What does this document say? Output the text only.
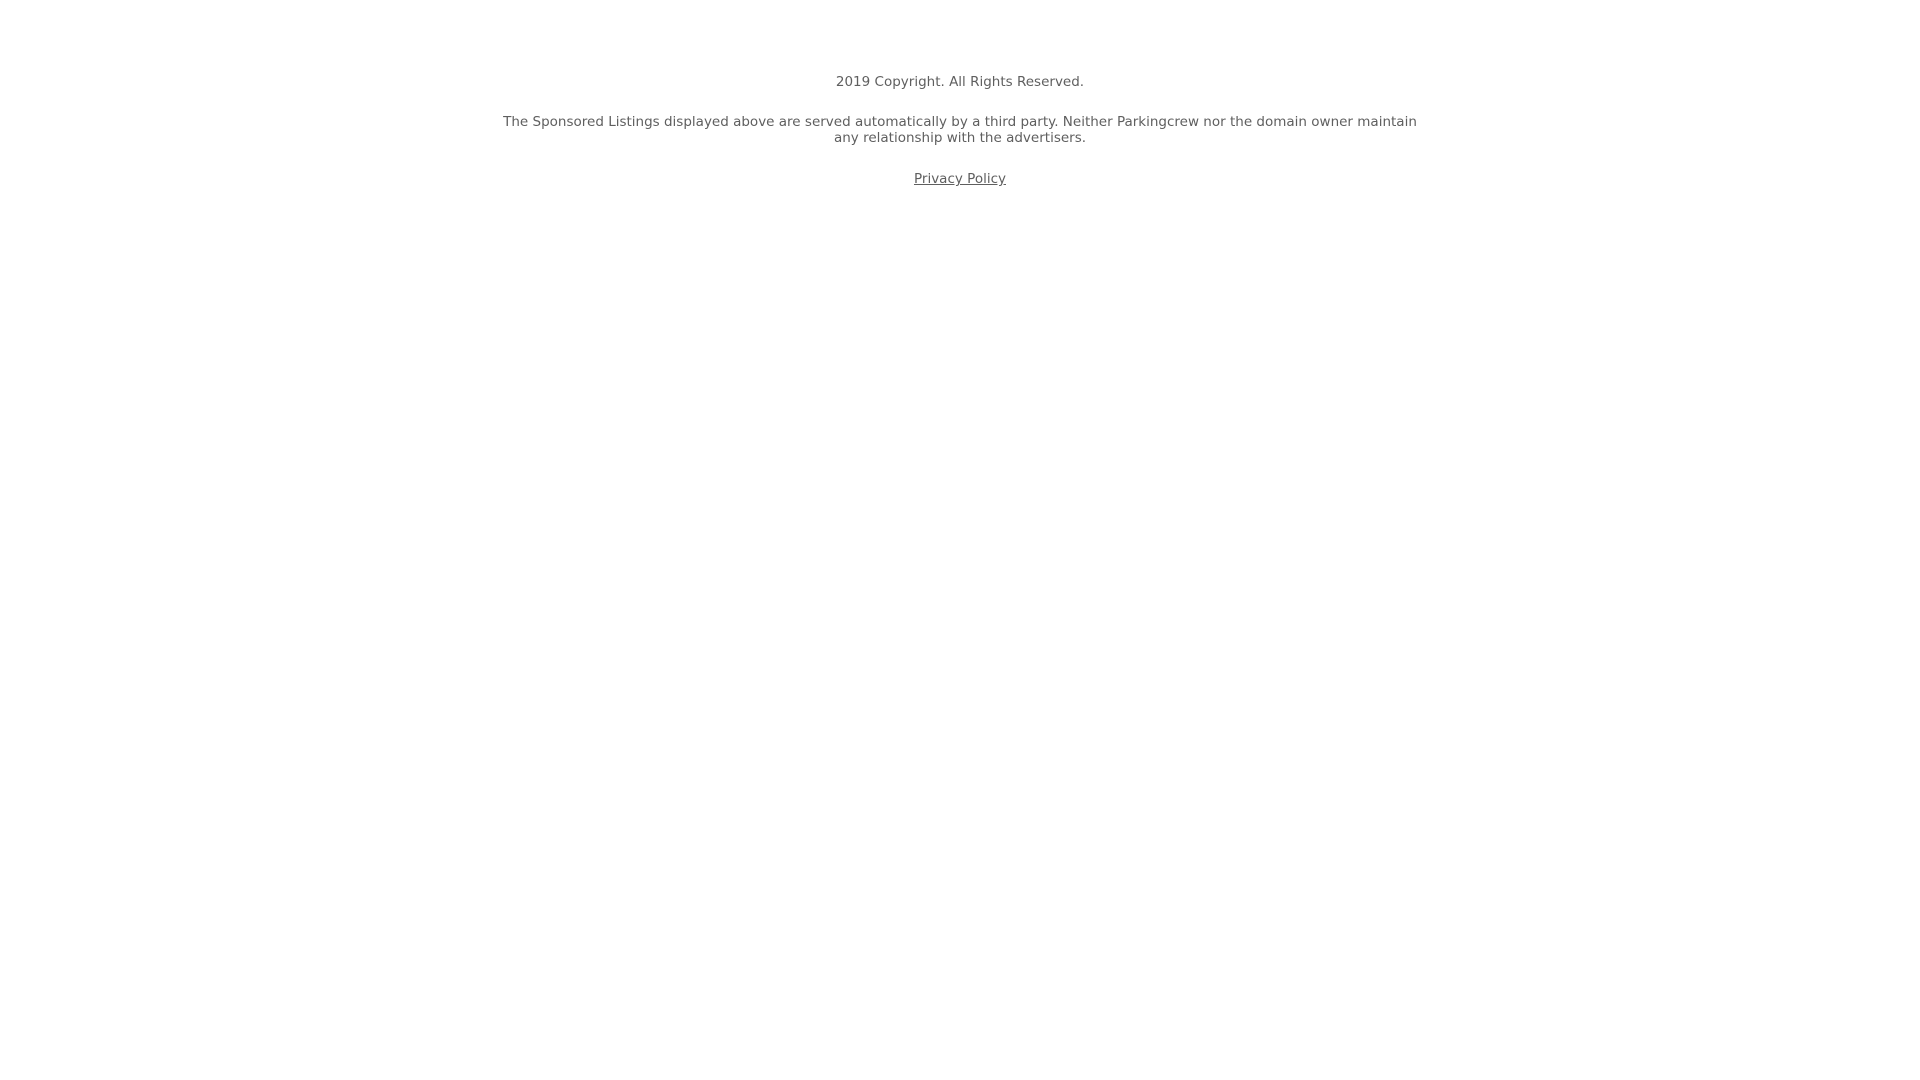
2019 Copyright. All Rights Reserved.

The Sponsored Listings displayed above are served automatically by a third party. Neither Parkingcrew nor the domain owner maintain any relationship with the advertisers.

Privacy Policy
